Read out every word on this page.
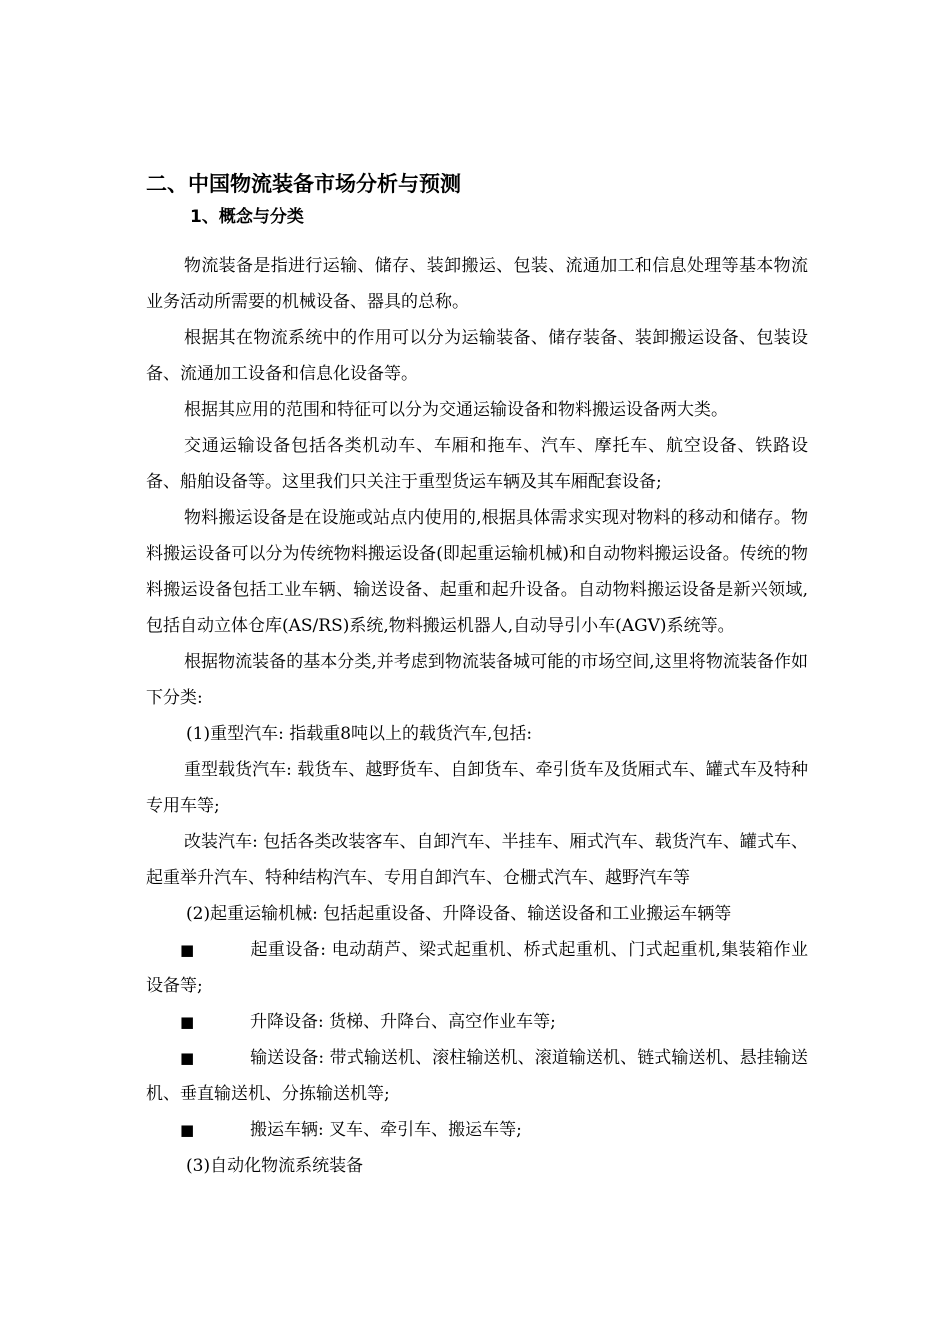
二、中国物流装备市场分析与预测
1、概念与分类

物流装备是指进行运输、储存、装卸搬运、包装、流通加工和信息处理等基本物流业务活动所需要的机械设备、器具的总称。

根据其在物流系统中的作用可以分为运输装备、储存装备、装卸搬运设备、包装设备、流通加工设备和信息化设备等。

根据其应用的范围和特征可以分为交通运输设备和物料搬运设备两大类。

交通运输设备包括各类机动车、车厢和拖车、汽车、摩托车、航空设备、铁路设备、船舶设备等。这里我们只关注于重型货运车辆及其车厢配套设备;

物料搬运设备是在设施或站点内使用的,根据具体需求实现对物料的移动和储存。物料搬运设备可以分为传统物料搬运设备(即起重运输机械)和自动物料搬运设备。传统的物料搬运设备包括工业车辆、输送设备、起重和起升设备。自动物料搬运设备是新兴领域,包括自动立体仓库(AS/RS)系统,物料搬运机器人,自动导引小车(AGV)系统等。

根据物流装备的基本分类,并考虑到物流装备城可能的市场空间,这里将物流装备作如下分类:

(1)重型汽车: 指载重8吨以上的载货汽车,包括:

重型载货汽车: 载货车、越野货车、自卸货车、牵引货车及货厢式车、罐式车及特种专用车等;

改装汽车: 包括各类改装客车、自卸汽车、半挂车、厢式汽车、载货汽车、罐式车、起重举升汽车、特种结构汽车、专用自卸汽车、仓栅式汽车、越野汽车等

(2)起重运输机械: 包括起重设备、升降设备、输送设备和工业搬运车辆等

■	起重设备: 电动葫芦、梁式起重机、桥式起重机、门式起重机,集装箱作业设备等;

■	升降设备: 货梯、升降台、高空作业车等;

■	输送设备: 带式输送机、滚柱输送机、滚道输送机、链式输送机、悬挂输送机、垂直输送机、分拣输送机等;

■	搬运车辆: 叉车、牵引车、搬运车等;

(3)自动化物流系统装备
